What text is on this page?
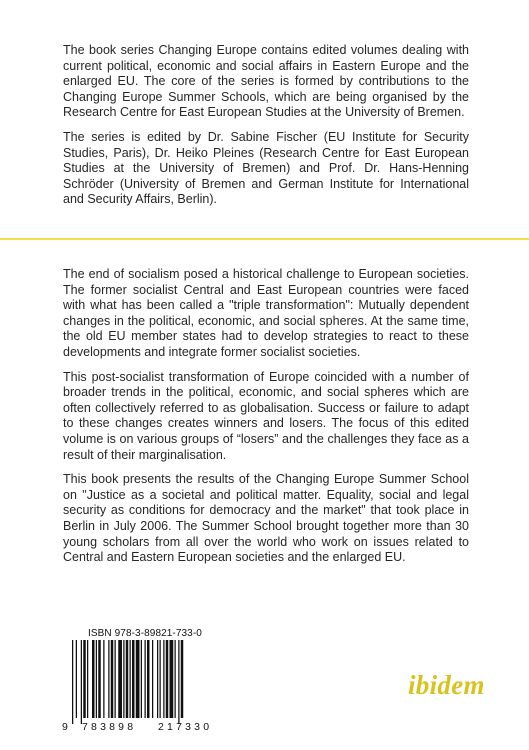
The book series Changing Europe contains edited volumes dealing with current political, economic and social affairs in Eastern Europe and the enlarged EU. The core of the series is formed by contributions to the Changing Europe Summer Schools, which are being organised by the Research Centre for East European Studies at the University of Bremen.

The series is edited by Dr. Sabine Fischer (EU Institute for Security Studies, Paris), Dr. Heiko Pleines (Research Centre for East European Studies at the University of Bremen) and Prof. Dr. Hans-Henning Schröder (University of Bremen and German Institute for International and Security Affairs, Berlin).

The end of socialism posed a historical challenge to European societies. The former socialist Central and East European countries were faced with what has been called a "triple transformation": Mutually dependent changes in the political, economic, and social spheres. At the same time, the old EU member states had to develop strategies to react to these developments and integrate former socialist societies.

This post-socialist transformation of Europe coincided with a number of broader trends in the political, economic, and social spheres which are often collectively referred to as globalisation. Success or failure to adapt to these changes creates winners and losers. The focus of this edited volume is on various groups of “losers” and the challenges they face as a result of their marginalisation.

This book presents the results of the Changing Europe Summer School on "Justice as a societal and political matter. Equality, social and legal security as conditions for democracy and the market" that took place in Berlin in July 2006. The Summer School brought together more than 30 young scholars from all over the world who work on issues related to Central and Eastern European societies and the enlarged EU.

ISBN 978-3-89821-733-0
9 783898 217330
ibidem
